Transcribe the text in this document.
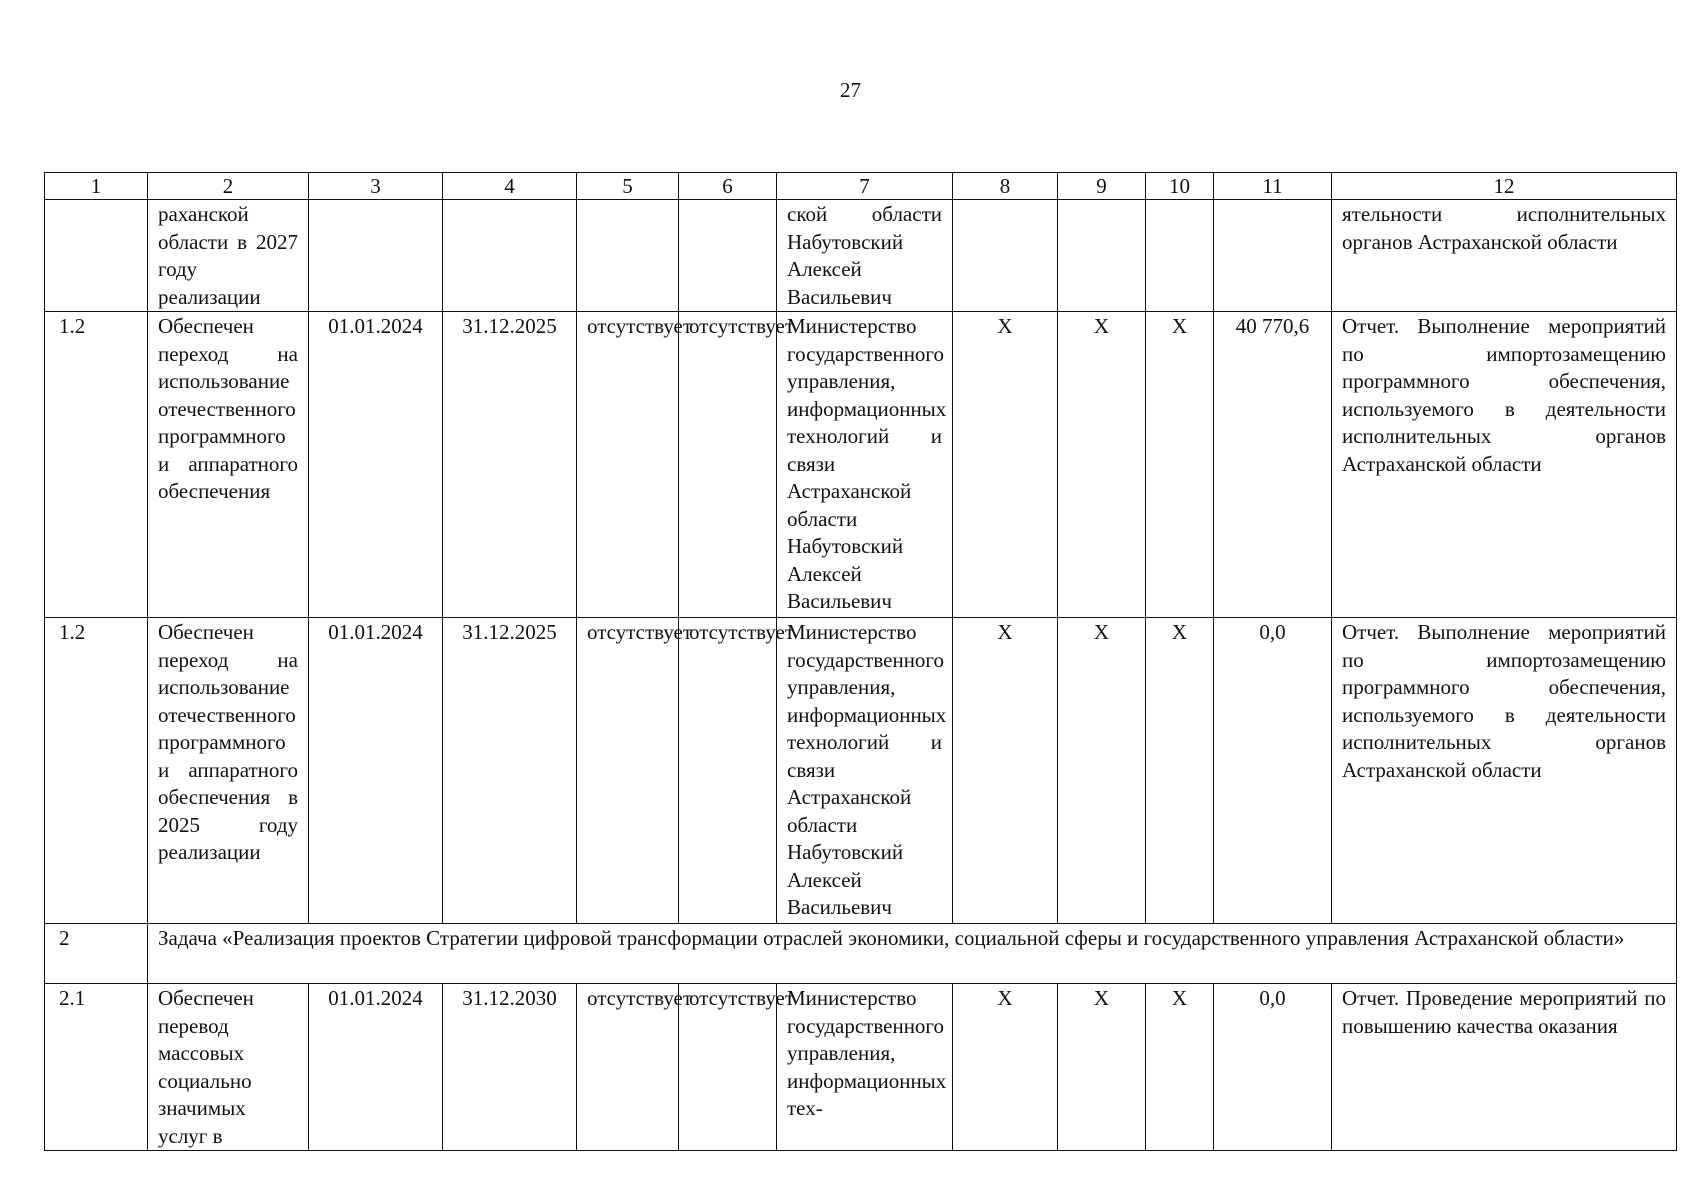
27
1	2	3	4	5	6	7	8	9	10	11	12
	раханской области в 2027 году реализации					ской области Набутовский Алексей Васильевич					ятельности исполнительных органов Астраханской области
1.2	Обеспечен переход на использование отечественного программного и аппаратного обеспечения	01.01.2024	31.12.2025	отсутствует	отсутствует	Министерство государственного управления, информационных технологий и связи Астраханской области Набутовский Алексей Васильевич	X	X	X	40 770,6	Отчет. Выполнение мероприятий по импортозамещению программного обеспечения, используемого в деятельности исполнительных органов Астраханской области
1.2	Обеспечен переход на использование отечественного программного и аппаратного обеспечения в 2025 году реализации	01.01.2024	31.12.2025	отсутствует	отсутствует	Министерство государственного управления, информационных технологий и связи Астраханской области Набутовский Алексей Васильевич	X	X	X	0,0	Отчет. Выполнение мероприятий по импортозамещению программного обеспечения, используемого в деятельности исполнительных органов Астраханской области
2	Задача «Реализация проектов Стратегии цифровой трансформации отраслей экономики, социальной сферы и государственного управления Астраханской области»										
2.1	Обеспечен перевод массовых социально значимых услуг в	01.01.2024	31.12.2030	отсутствует	отсутствует	Министерство государственного управления, информационных тех-	X	X	X	0,0	Отчет. Проведение мероприятий по повышению качества оказания
